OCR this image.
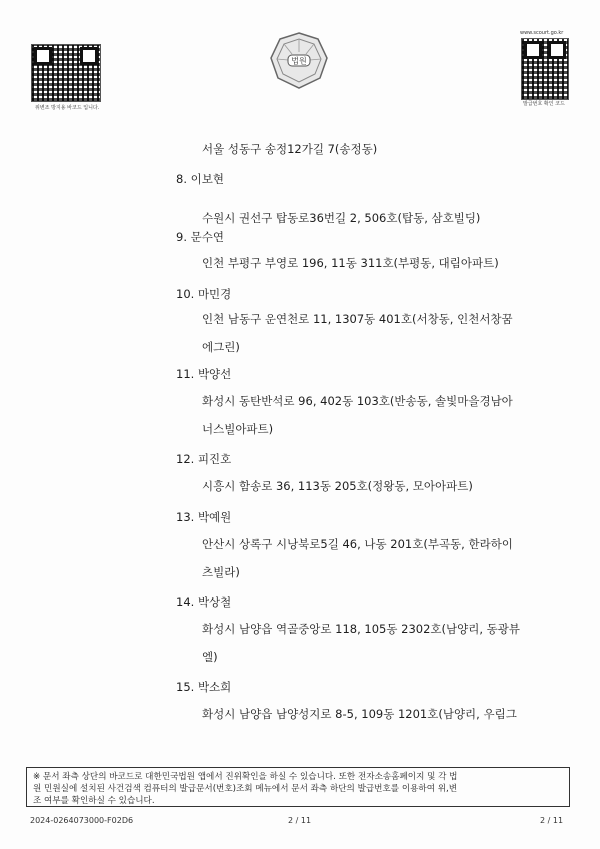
위변조 방지용 바코드 입니다.
www.scourt.go.kr
발급번호 확인 코드
법원
서울 성동구 송정12가길 7(송정동)
8. 이보현
수원시 권선구 탑동로36번길 2, 506호(탑동, 삼호빌딩)
9. 문수연
인천 부평구 부영로 196, 11동 311호(부평동, 대림아파트)
10. 마민경
인천 남동구 운연천로 11, 1307동 401호(서창동, 인천서창꿈
에그린)
11. 박양선
화성시 동탄반석로 96, 402동 103호(반송동, 솔빛마을경남아
너스빌아파트)
12. 피진호
시흥시 함송로 36, 113동 205호(정왕동, 모아아파트)
13. 박예원
안산시 상록구 시낭북로5길 46, 나동 201호(부곡동, 한라하이
츠빌라)
14. 박상철
화성시 남양읍 역골중앙로 118, 105동 2302호(남양리, 동광뷰
엘)
15. 박소희
화성시 남양읍 남양성지로 8-5, 109동 1201호(남양리, 우림그
※ 문서 좌측 상단의 바코드로 대한민국법원 앱에서 진위확인을 하실 수 있습니다. 또한 전자소송홈페이지 및 각 법
원 민원실에 설치된 사건검색 컴퓨터의 발급문서(번호)조회 메뉴에서 문서 좌측 하단의 발급번호를 이용하여 위,변
조 여부를 확인하실 수 있습니다.
2024-0264073000-F02D6	2 / 11	2 / 11
